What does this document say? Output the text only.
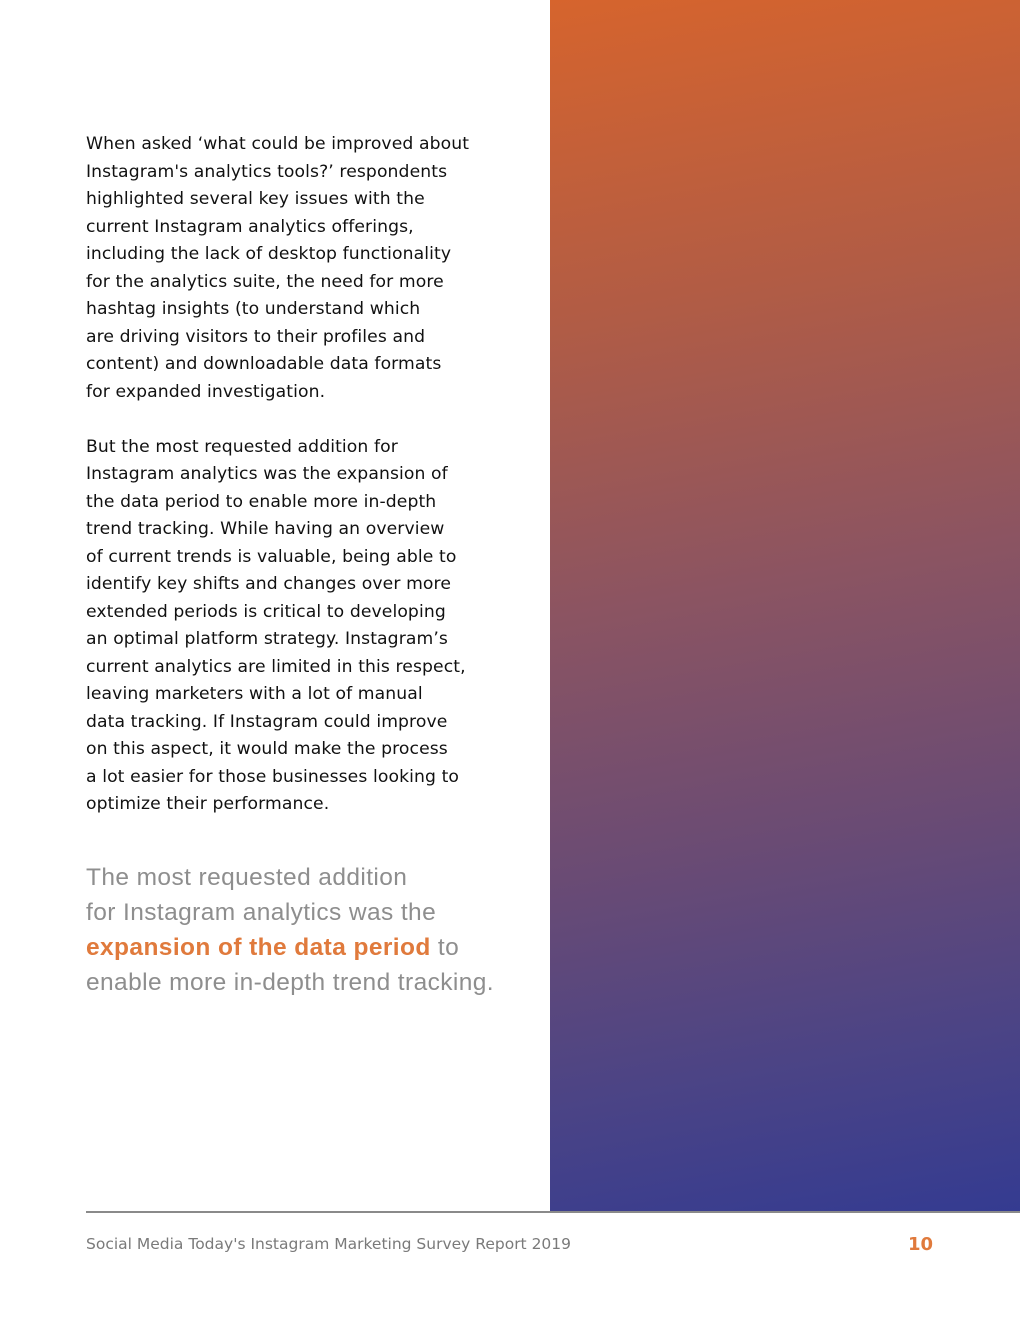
When asked ‘what could be improved about
Instagram's analytics tools?’ respondents
highlighted several key issues with the
current Instagram analytics offerings,
including the lack of desktop functionality
for the analytics suite, the need for more
hashtag insights (to understand which
are driving visitors to their profiles and
content) and downloadable data formats
for expanded investigation.

But the most requested addition for
Instagram analytics was the expansion of
the data period to enable more in-depth
trend tracking. While having an overview
of current trends is valuable, being able to
identify key shifts and changes over more
extended periods is critical to developing
an optimal platform strategy. Instagram’s
current analytics are limited in this respect,
leaving marketers with a lot of manual
data tracking. If Instagram could improve
on this aspect, it would make the process
a lot easier for those businesses looking to
optimize their performance.

The most requested addition
for Instagram analytics was the
expansion of the data period to
enable more in-depth trend tracking.
Social Media Today's Instagram Marketing Survey Report 2019	10
